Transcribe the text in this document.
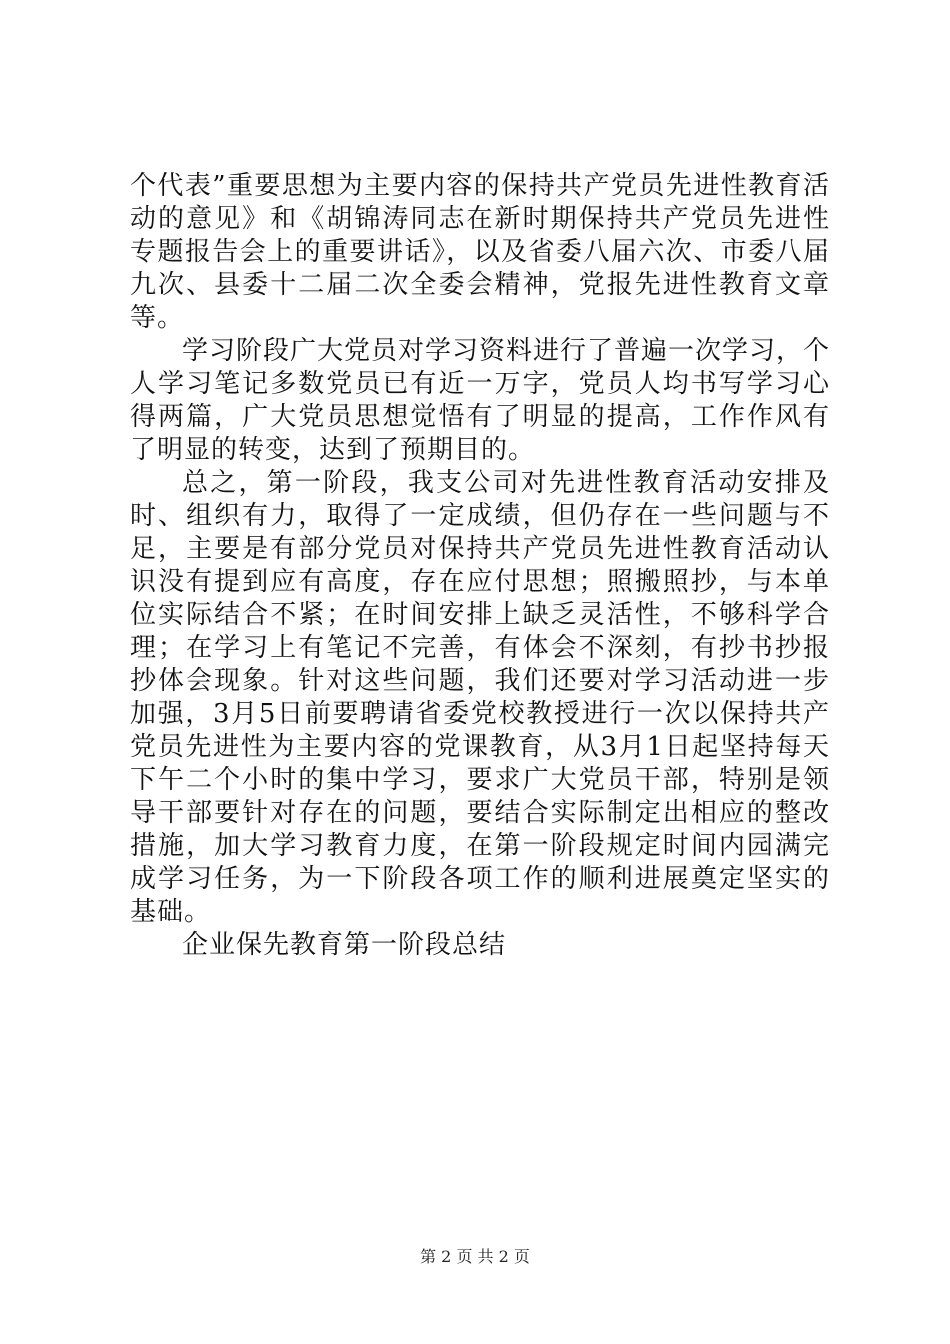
个代表”重要思想为主要内容的保持共产党员先进性教育活动的意见》和《胡锦涛同志在新时期保持共产党员先进性专题报告会上的重要讲话》，以及省委八届六次、市委八届九次、县委十二届二次全委会精神，党报先进性教育文章等。

学习阶段广大党员对学习资料进行了普遍一次学习，个人学习笔记多数党员已有近一万字，党员人均书写学习心得两篇，广大党员思想觉悟有了明显的提高，工作作风有了明显的转变，达到了预期目的。

总之，第一阶段，我支公司对先进性教育活动安排及时、组织有力，取得了一定成绩，但仍存在一些问题与不足，主要是有部分党员对保持共产党员先进性教育活动认识没有提到应有高度，存在应付思想；照搬照抄，与本单位实际结合不紧；在时间安排上缺乏灵活性，不够科学合理；在学习上有笔记不完善，有体会不深刻，有抄书抄报抄体会现象。针对这些问题，我们还要对学习活动进一步加强，3月5日前要聘请省委党校教授进行一次以保持共产党员先进性为主要内容的党课教育，从3月1日起坚持每天下午二个小时的集中学习，要求广大党员干部，特别是领导干部要针对存在的问题，要结合实际制定出相应的整改措施，加大学习教育力度，在第一阶段规定时间内园满完成学习任务，为一下阶段各项工作的顺利进展奠定坚实的基础。

企业保先教育第一阶段总结

第 2 页 共 2 页
